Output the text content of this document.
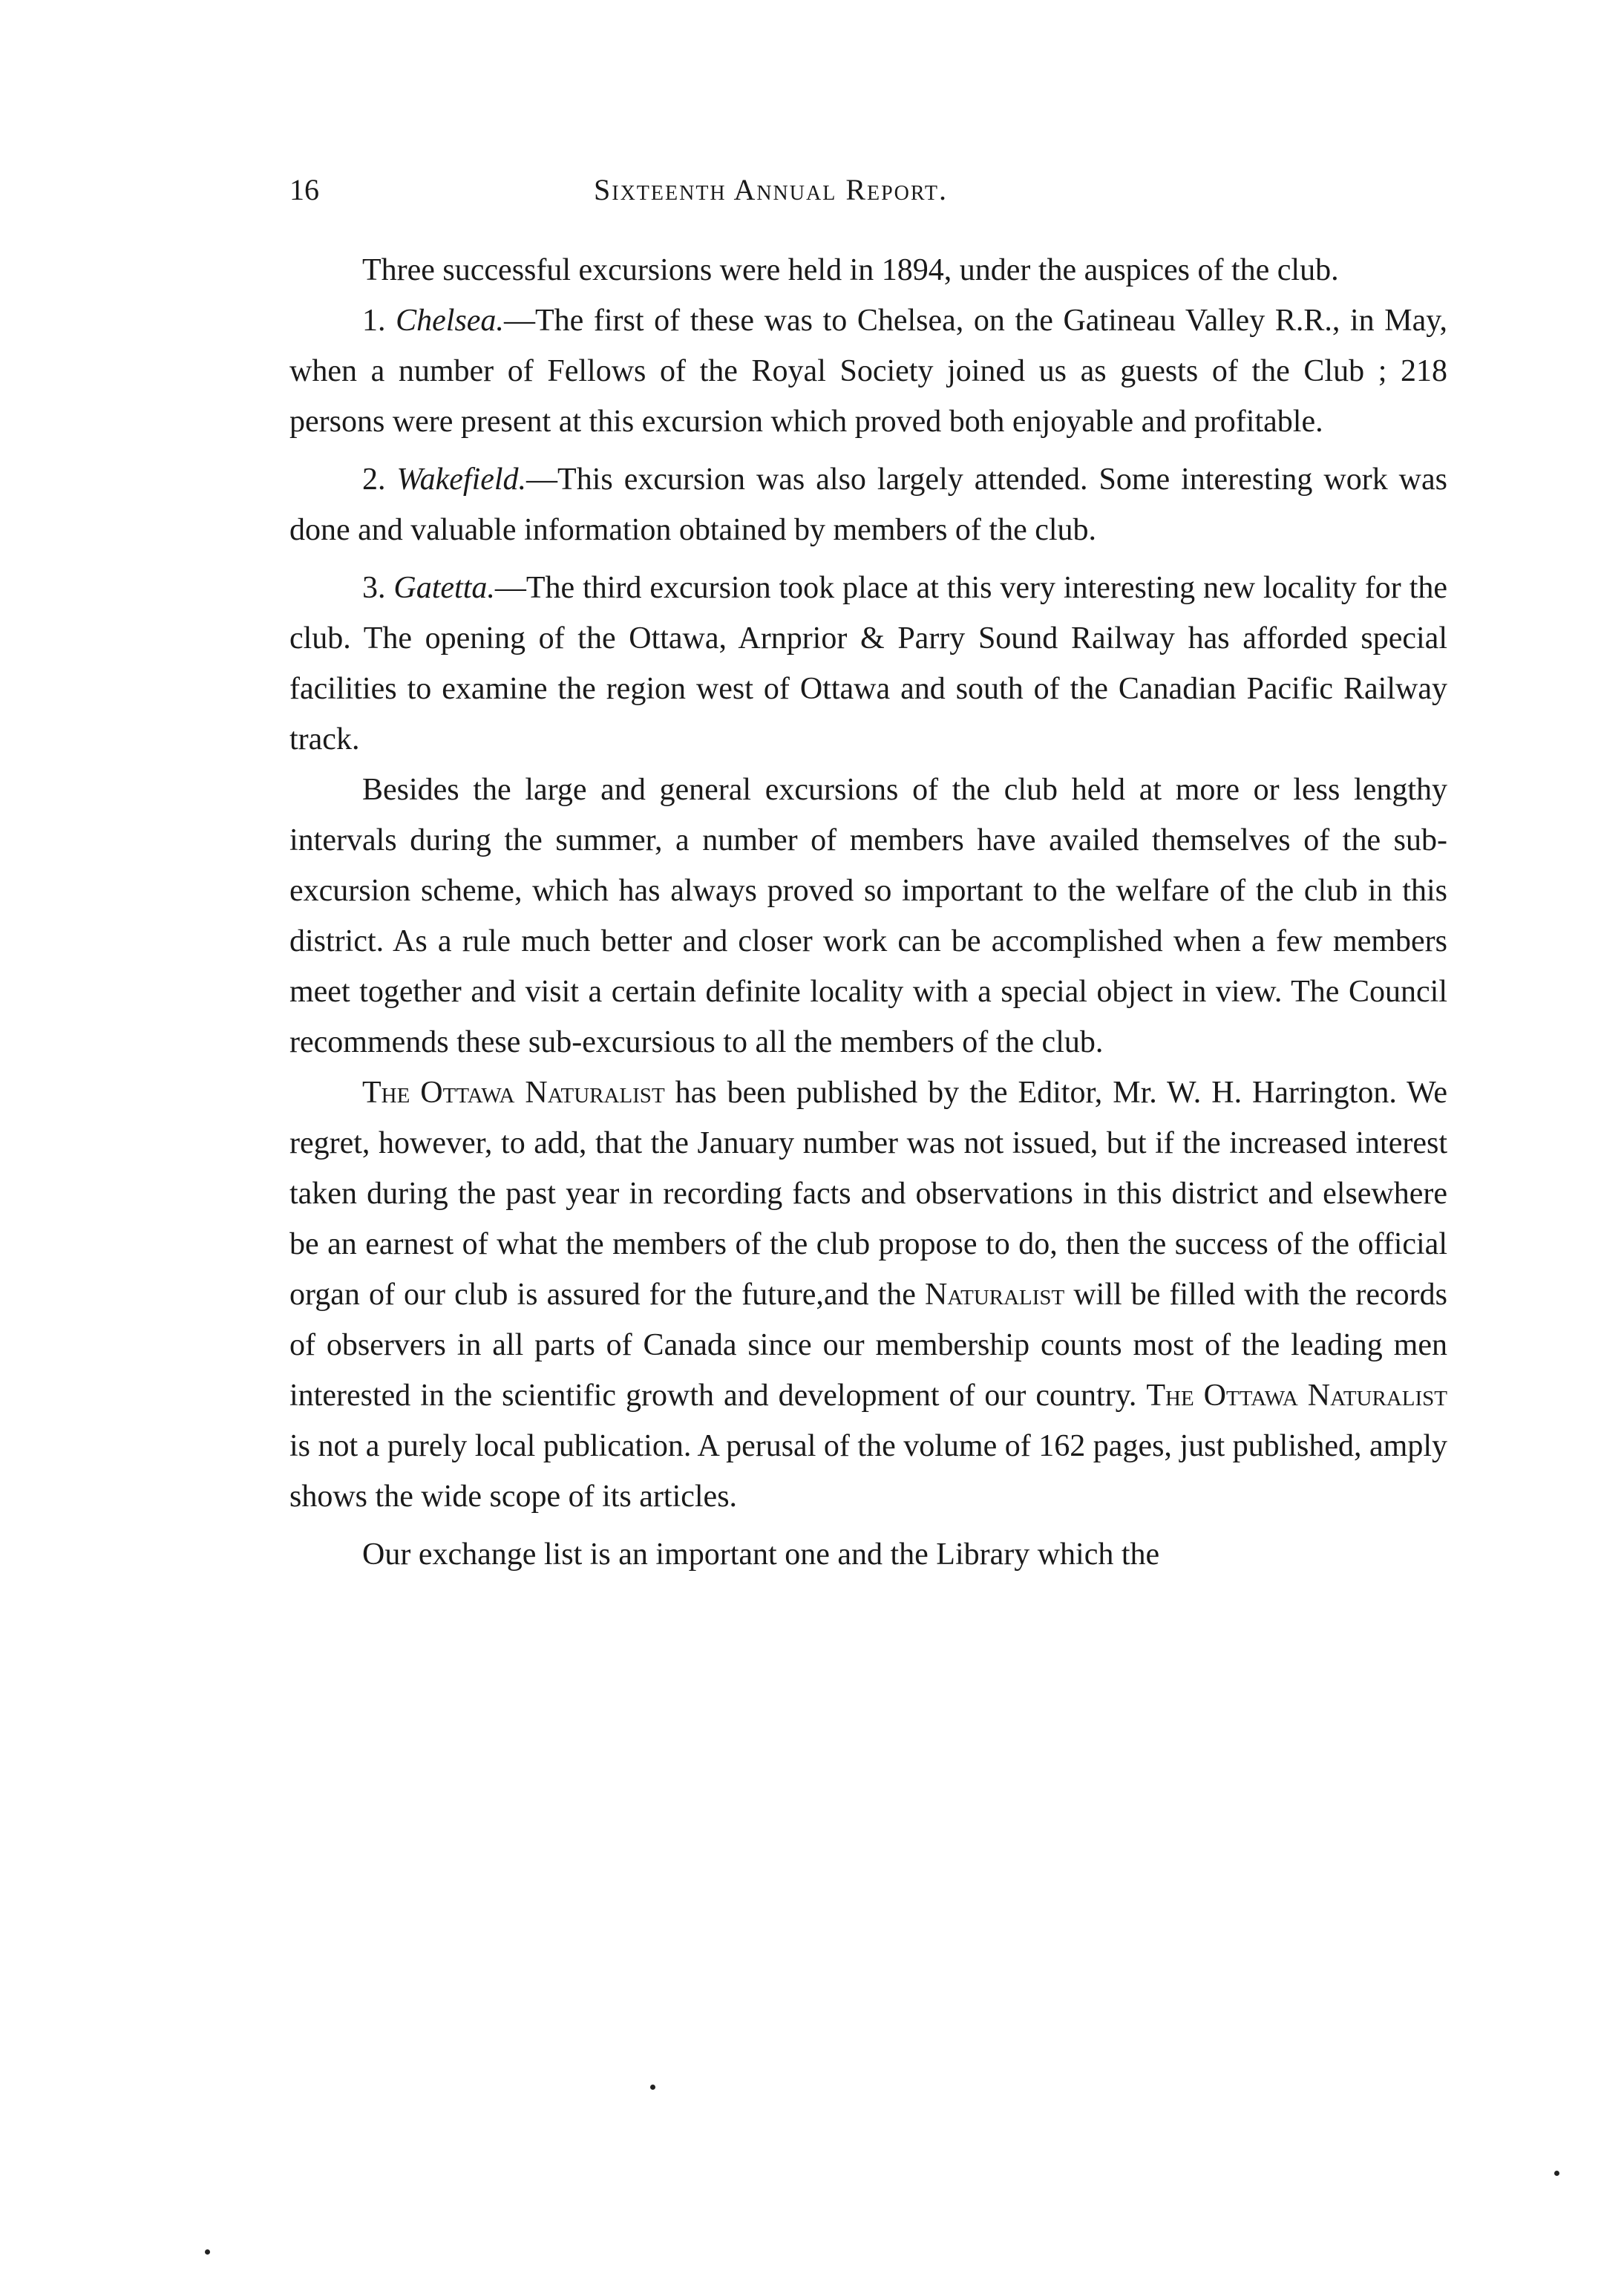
16	Sixteenth Annual Report.

Three successful excursions were held in 1894, under the auspices of the club.

1. Chelsea.—The first of these was to Chelsea, on the Gatineau Valley R.R., in May, when a number of Fellows of the Royal Society joined us as guests of the Club ; 218 persons were present at this excursion which proved both enjoyable and profitable.

2. Wakefield.—This excursion was also largely attended. Some interesting work was done and valuable information obtained by members of the club.

3. Gatetta.—The third excursion took place at this very interesting new locality for the club. The opening of the Ottawa, Arnprior & Parry Sound Railway has afforded special facilities to examine the region west of Ottawa and south of the Canadian Pacific Railway track.

Besides the large and general excursions of the club held at more or less lengthy intervals during the summer, a number of members have availed themselves of the sub-excursion scheme, which has always proved so important to the welfare of the club in this district. As a rule much better and closer work can be accomplished when a few members meet together and visit a certain definite locality with a special object in view. The Council recommends these sub-excursious to all the members of the club.

The Ottawa Naturalist has been published by the Editor, Mr. W. H. Harrington. We regret, however, to add, that the January number was not issued, but if the increased interest taken during the past year in recording facts and observations in this district and elsewhere be an earnest of what the members of the club propose to do, then the success of the official organ of our club is assured for the future,and the Naturalist will be filled with the records of observers in all parts of Canada since our membership counts most of the leading men interested in the scientific growth and development of our country. The Ottawa Naturalist is not a purely local publication. A perusal of the volume of 162 pages, just published, amply shows the wide scope of its articles.

Our exchange list is an important one and the Library which the
